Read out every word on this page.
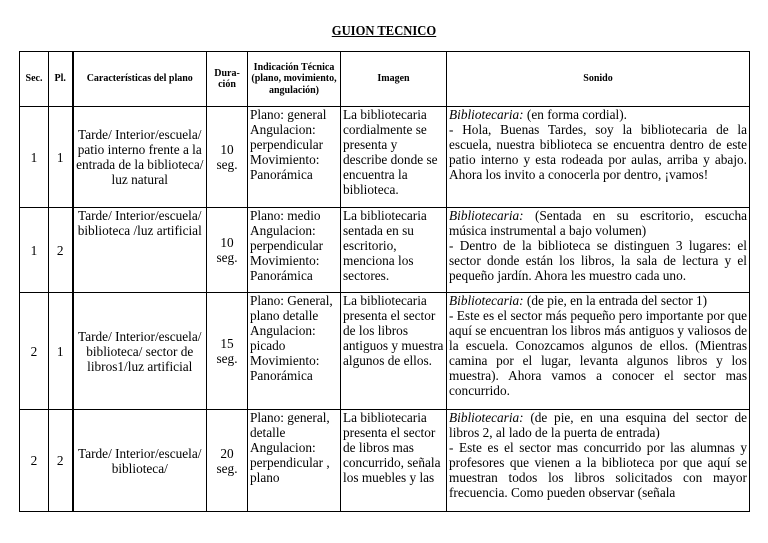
GUION TECNICO
Sec.	Pl.	Características del plano	Dura-ción	Indicación Técnica (plano, movimiento, angulación)	Imagen	Sonido
1	1	Tarde/ Interior/escuela/ patio interno frente a la entrada de la biblioteca/ luz natural	10 seg.	Plano: general Angulacion: perpendicular Movimiento: Panorámica	La bibliotecaria cordialmente se presenta y describe donde se encuentra la biblioteca.	Bibliotecaria: (en forma cordial).
- Hola, Buenas Tardes, soy la bibliotecaria de la escuela, nuestra biblioteca se encuentra dentro de este patio interno y esta rodeada por aulas, arriba y abajo. Ahora los invito a conocerla por dentro, ¡vamos!
1	2	Tarde/ Interior/escuela/ biblioteca /luz artificial	10 seg.	Plano: medio Angulacion: perpendicular Movimiento: Panorámica	La bibliotecaria sentada en su escritorio, menciona los sectores.	Bibliotecaria: (Sentada en su escritorio, escucha música instrumental a bajo volumen)
- Dentro de la biblioteca se distinguen 3 lugares: el sector donde están los libros, la sala de lectura y el pequeño jardín. Ahora les muestro cada uno.
2	1	Tarde/ Interior/escuela/ biblioteca/ sector de libros1/luz artificial	15 seg.	Plano: General, plano detalle Angulacion: picado Movimiento: Panorámica	La bibliotecaria presenta el sector de los libros antiguos y muestra algunos de ellos.	Bibliotecaria: (de pie, en la entrada del sector 1)
- Este es el sector más pequeño pero importante por que aquí se encuentran los libros más antiguos y valiosos de la escuela. Conozcamos algunos de ellos. (Mientras camina por el lugar, levanta algunos libros y los muestra). Ahora vamos a conocer el sector mas concurrido.
2	2	Tarde/ Interior/escuela/ biblioteca/	20 seg.	Plano: general, detalle Angulacion: perpendicular , plano	La bibliotecaria presenta el sector de libros mas concurrido, señala los muebles y las	Bibliotecaria: (de pie, en una esquina del sector de libros 2, al lado de la puerta de entrada)
- Este es el sector mas concurrido por las alumnas y profesores que vienen a la biblioteca por que aquí se muestran todos los libros solicitados con mayor frecuencia. Como pueden observar (señala
